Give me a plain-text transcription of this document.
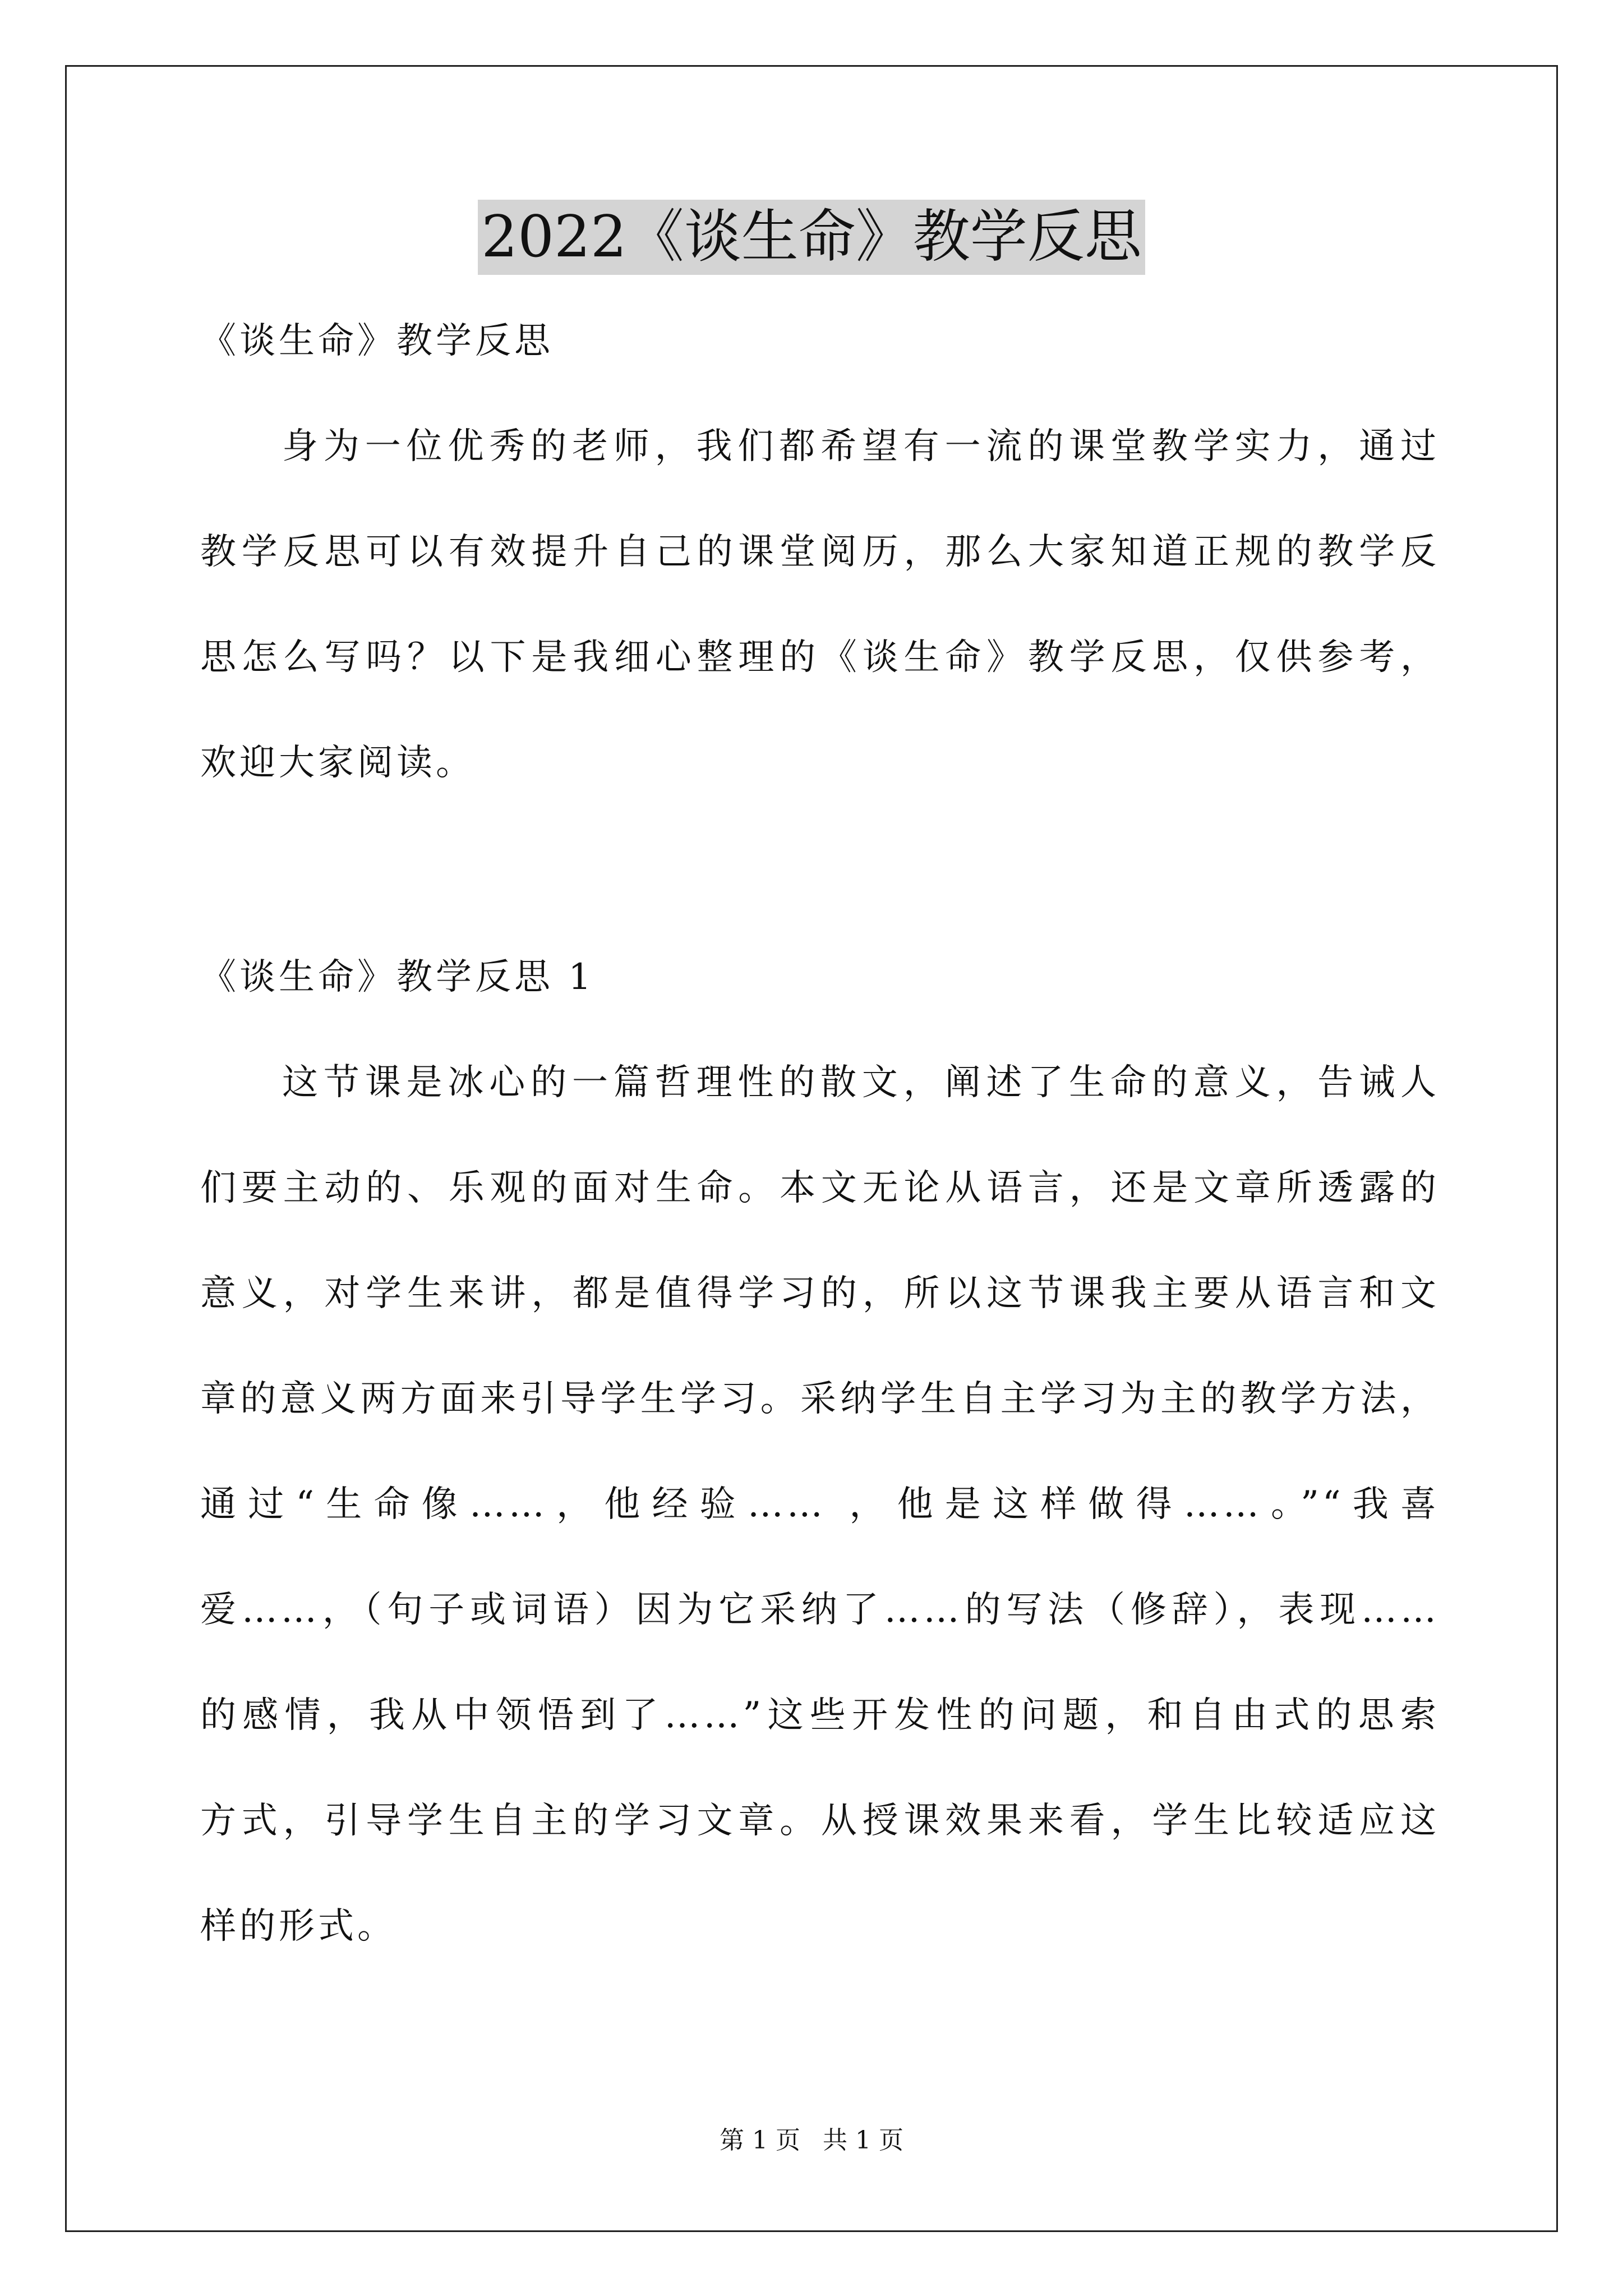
2022《谈生命》教学反思
《谈生命》教学反思
身为一位优秀的老师，我们都希望有一流的课堂教学实力，通过
教学反思可以有效提升自己的课堂阅历，那么大家知道正规的教学反
思怎么写吗？以下是我细心整理的《谈生命》教学反思，仅供参考，
欢迎大家阅读。
《谈生命》教学反思 1
这节课是冰心的一篇哲理性的散文，阐述了生命的意义，告诫人
们要主动的、乐观的面对生命。本文无论从语言，还是文章所透露的
意义，对学生来讲，都是值得学习的，所以这节课我主要从语言和文
章的意义两方面来引导学生学习。采纳学生自主学习为主的教学方法，
通过“生命像……，他经验…… ，他是这样做得……。”“我喜
爱……，（句子或词语）因为它采纳了……的写法（修辞），表现……
的感情，我从中领悟到了……”这些开发性的问题，和自由式的思索
方式，引导学生自主的学习文章。从授课效果来看，学生比较适应这
样的形式。
第 1 页 共 1 页
